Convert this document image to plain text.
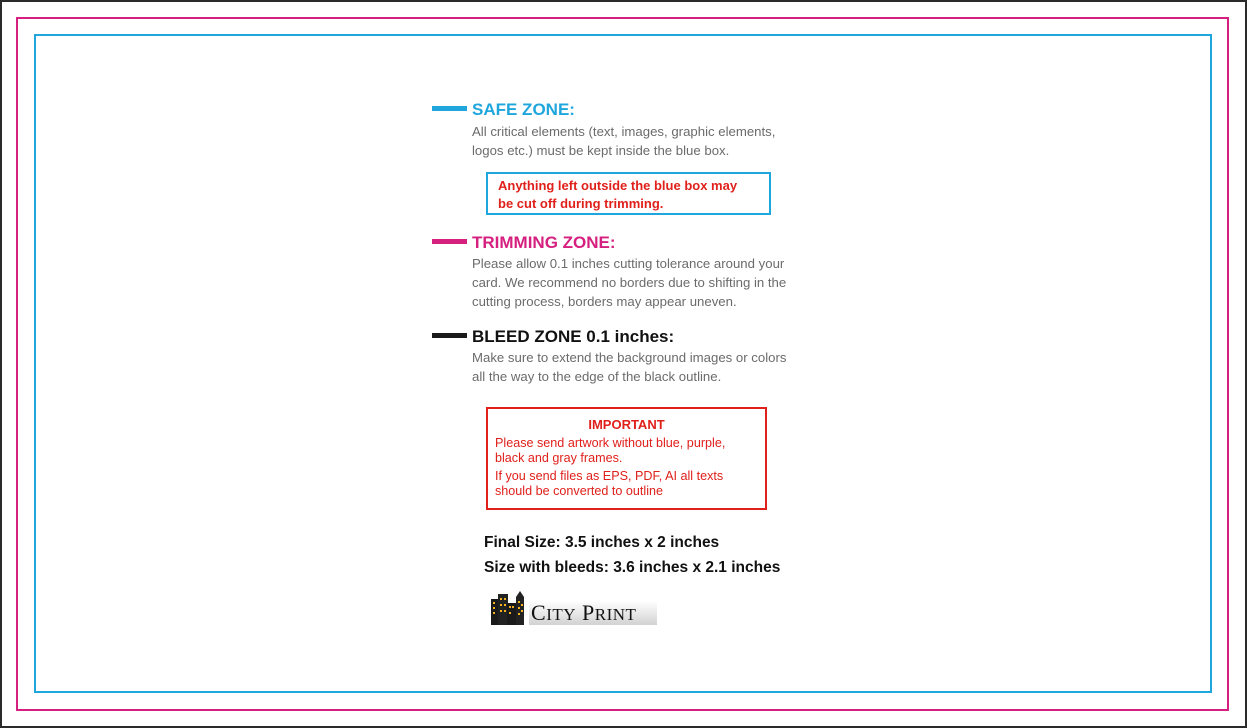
SAFE ZONE:
All critical elements (text, images, graphic elements,
logos etc.) must be kept inside the blue box.
Anything left outside the blue box may
be cut off during trimming.
TRIMMING ZONE:
Please allow 0.1 inches cutting tolerance around your
card. We recommend no borders due to shifting in the
cutting process, borders may appear uneven.
BLEED ZONE 0.1 inches:
Make sure to extend the background images or colors
all the way to the edge of the black outline.
IMPORTANT
Please send artwork without blue, purple,
black and gray frames.
If you send files as EPS, PDF, AI all texts
should be converted to outline
Final Size: 3.5 inches x 2 inches
Size with bleeds: 3.6 inches x 2.1 inches
CITY PRINT
